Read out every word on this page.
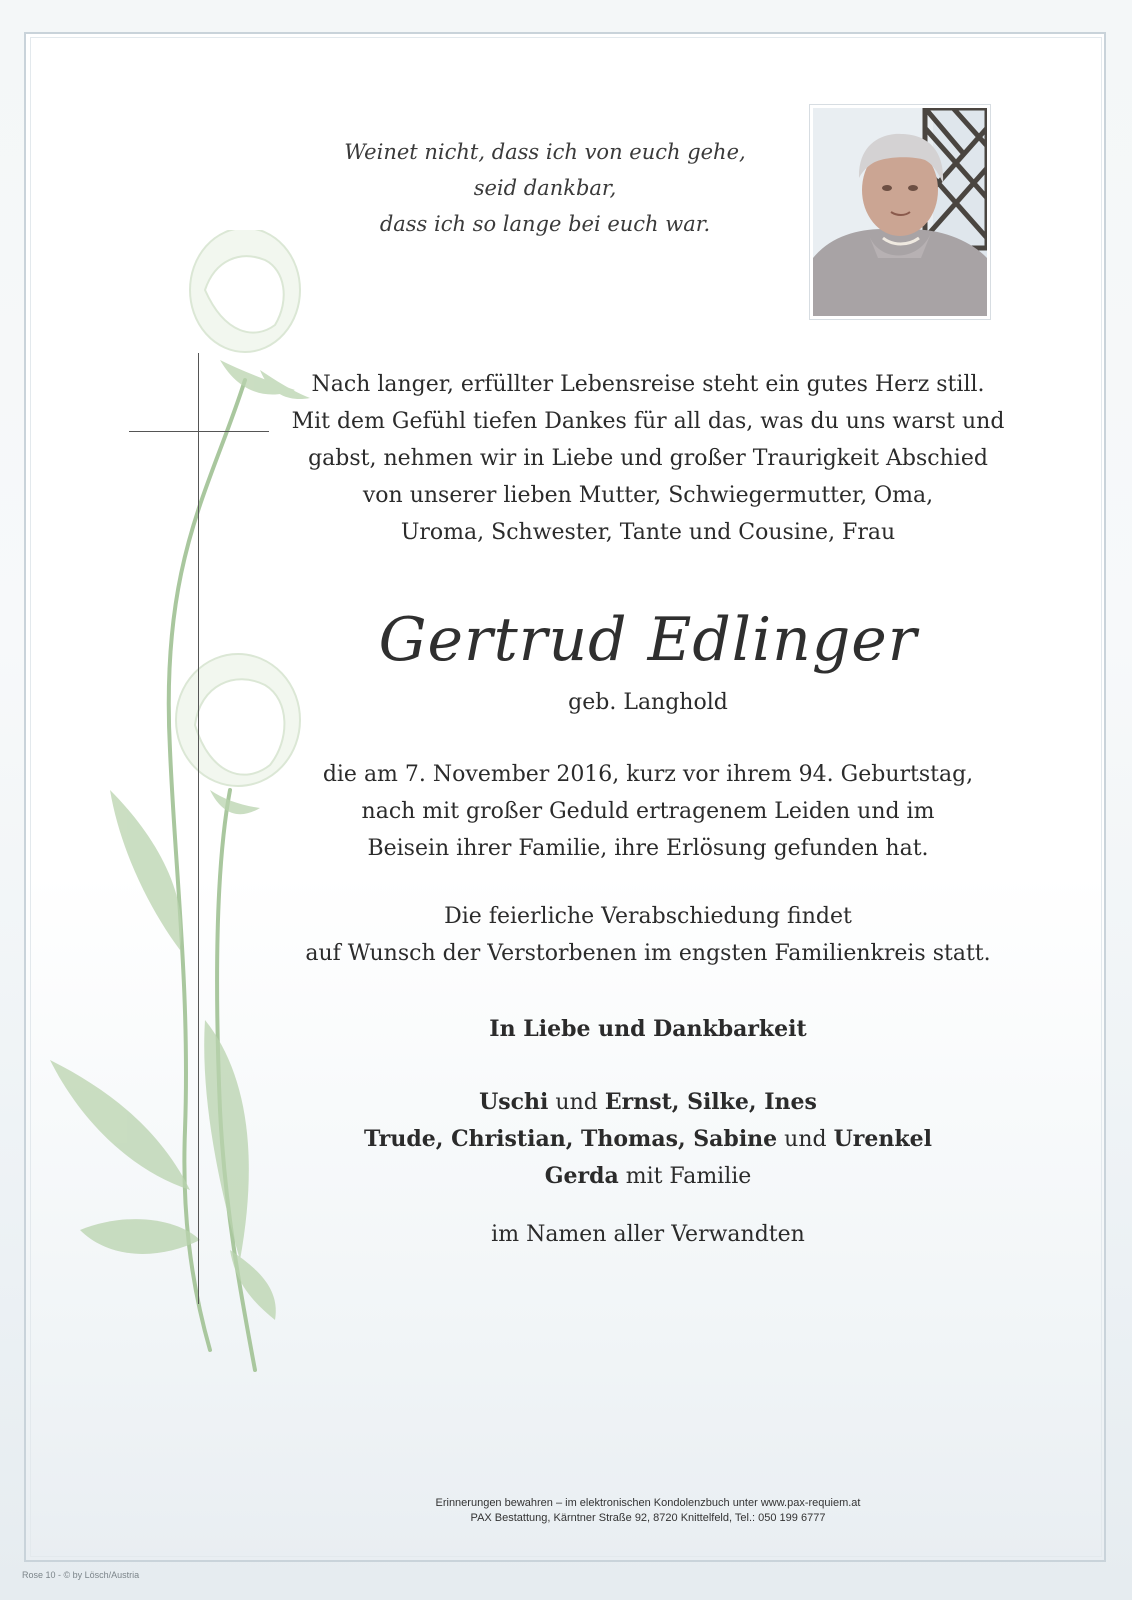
Weinet nicht, dass ich von euch gehe,
seid dankbar,
dass ich so lange bei euch war.
Nach langer, erfüllter Lebensreise steht ein gutes Herz still.
Mit dem Gefühl tiefen Dankes für all das, was du uns warst und
gabst, nehmen wir in Liebe und großer Traurigkeit Abschied
von unserer lieben Mutter, Schwiegermutter, Oma,
Uroma, Schwester, Tante und Cousine, Frau
Gertrud Edlinger
geb. Langhold
die am 7. November 2016, kurz vor ihrem 94. Geburtstag,
nach mit großer Geduld ertragenem Leiden und im
Beisein ihrer Familie, ihre Erlösung gefunden hat.
Die feierliche Verabschiedung findet
auf Wunsch der Verstorbenen im engsten Familienkreis statt.
In Liebe und Dankbarkeit
Uschi und Ernst, Silke, Ines
Trude, Christian, Thomas, Sabine und Urenkel
Gerda mit Familie
im Namen aller Verwandten
Erinnerungen bewahren – im elektronischen Kondolenzbuch unter www.pax-requiem.at
PAX Bestattung, Kärntner Straße 92, 8720 Knittelfeld, Tel.: 050 199 6777
Rose 10 - © by Lösch/Austria
